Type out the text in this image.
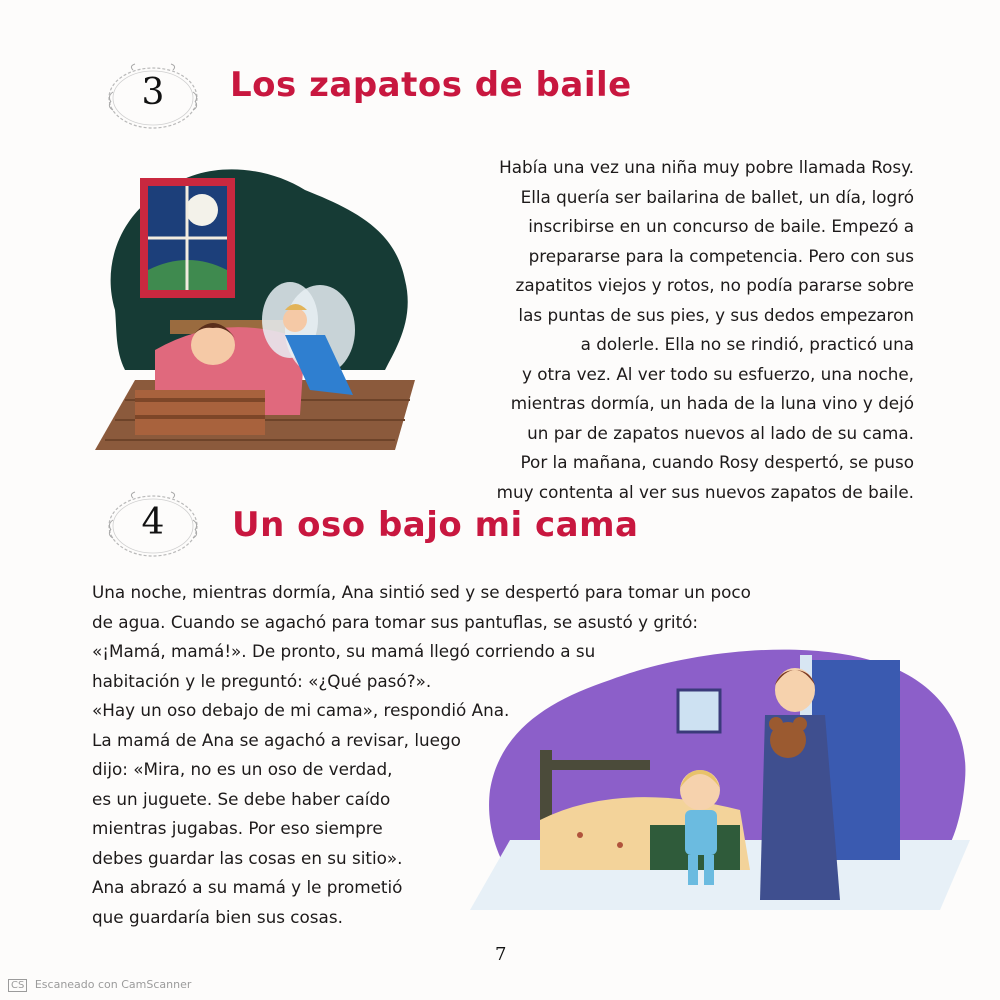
3	Los zapatos de baile

Había una vez una niña muy pobre llamada Rosy.

Ella quería ser bailarina de ballet, un día, logró

inscribirse en un concurso de baile. Empezó a

prepararse para la competencia. Pero con sus

zapatitos viejos y rotos, no podía pararse sobre

las puntas de sus pies, y sus dedos empezaron

a dolerle. Ella no se rindió, practicó una

y otra vez. Al ver todo su esfuerzo, una noche,

mientras dormía, un hada de la luna vino y dejó

un par de zapatos nuevos al lado de su cama.

Por la mañana, cuando Rosy despertó, se puso

muy contenta al ver sus nuevos zapatos de baile.

4	Un oso bajo mi cama

Una noche, mientras dormía, Ana sintió sed y se despertó para tomar un poco

de agua. Cuando se agachó para tomar sus pantuflas, se asustó y gritó:

«¡Mamá, mamá!». De pronto, su mamá llegó corriendo a su

habitación y le preguntó: «¿Qué pasó?».

«Hay un oso debajo de mi cama», respondió Ana.

La mamá de Ana se agachó a revisar, luego

dijo: «Mira, no es un oso de verdad,

es un juguete. Se debe haber caído

mientras jugabas. Por eso siempre

debes guardar las cosas en su sitio».

Ana abrazó a su mamá y le prometió

que guardaría bien sus cosas.

7
CS Escaneado con CamScanner
